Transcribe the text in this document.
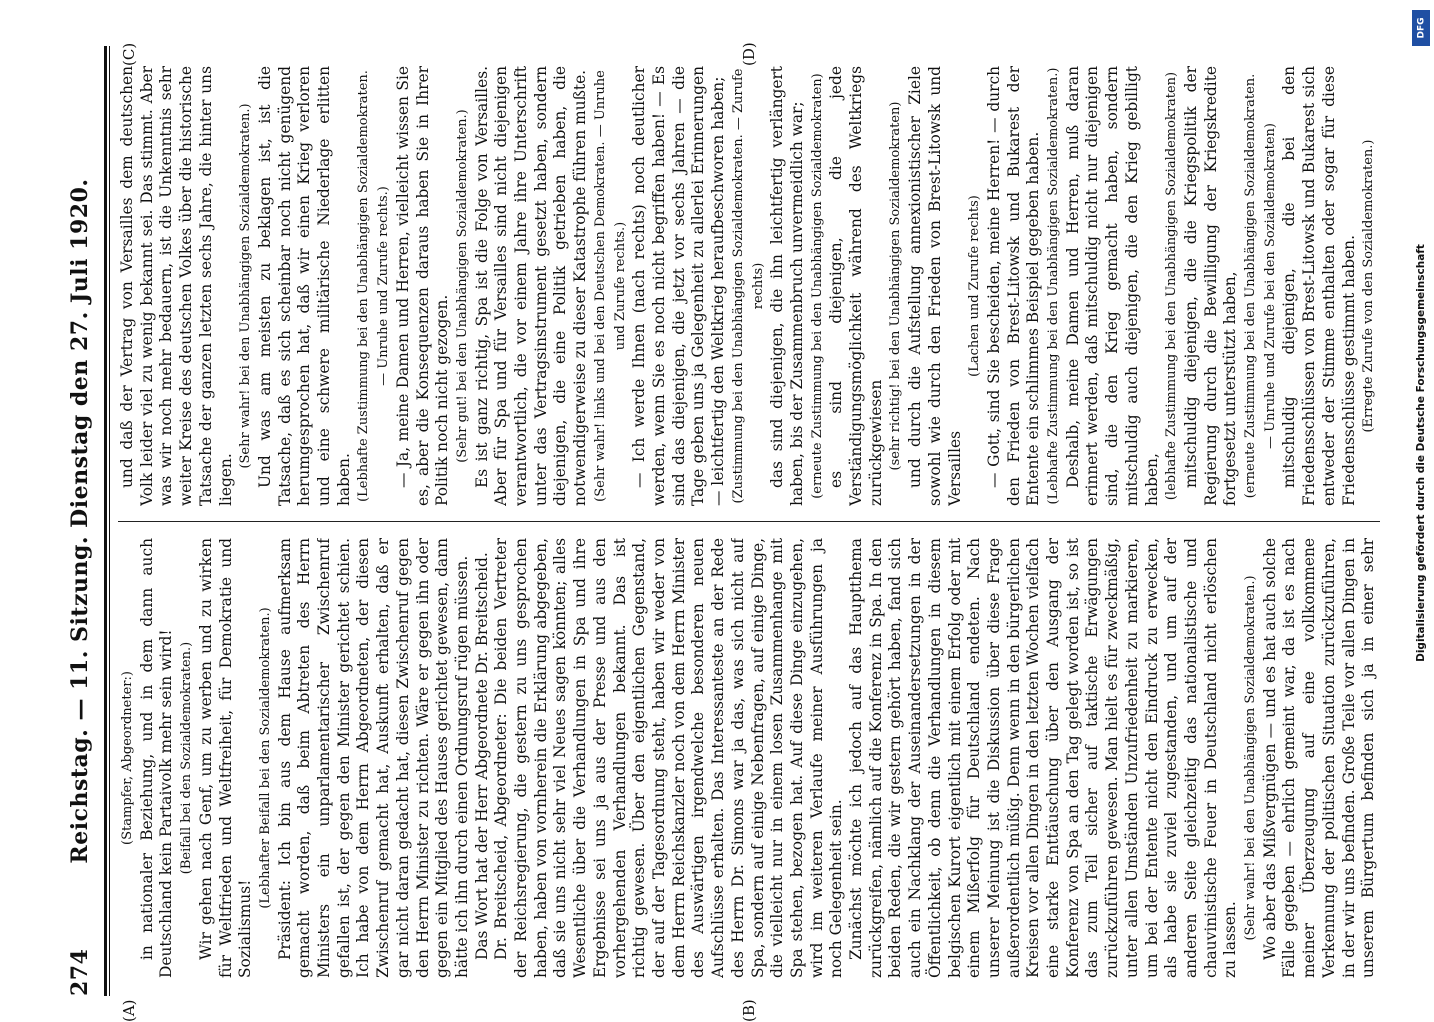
274
Reichstag. — 11. Sitzung. Dienstag den 27. Juli 1920.
(A)	(B)
(C)	(D)

(Stampfer, Abgeordneter:) in nationaler Beziehung, und in dem dann auch Deutschland kein Partaivolk mehr sein wird! (Beifall bei den Sozialdemokraten.) Wir gehen nach Genf, um zu werben und zu wirken für Weltfrieden und Weltfreiheit, für Demokratie und Sozialismus!

(Lebhafter Beifall bei den Sozialdemokraten.) Präsident: Ich bin aus dem Hause aufmerksam gemacht worden, daß beim Abtreten des Herrn Ministers ein unparlamentarischer Zwischenruf gefallen ist, der gegen den Minister gerichtet schien. Ich habe von dem Herrn Abgeordneten, der diesen Zwischenruf gemacht hat, Auskunft erhalten, daß er gar nicht daran gedacht hat, diesen Zwischenruf gegen den Herrn Minister zu richten. Wäre er gegen ihn oder gegen ein Mitglied des Hauses gerichtet gewesen, dann hätte ich ihn durch einen Ordnungsruf rügen müssen. Das Wort hat der Herr Abgeordnete Dr. Breitscheid. Dr. Breitscheid, Abgeordneter: Die beiden Vertreter der Reichsregierung, die gestern zu uns gesprochen haben, haben von vornherein die Erklärung abgegeben, daß sie uns nicht sehr viel Neues sagen könnten; alles Wesentliche über die Verhandlungen in Spa und ihre Ergebnisse sei uns ja aus der Presse und aus den vorhergehenden Verhandlungen bekannt. Das ist richtig gewesen. Über den eigentlichen Gegenstand, der auf der Tagesordnung steht, haben wir weder von dem Herrn Reichskanzler noch von dem Herrn Minister des Auswärtigen irgendwelche besonderen neuen Aufschlüsse erhalten. Das Interessanteste an der Rede des Herrn Dr. Simons war ja das, was sich nicht auf Spa, sondern auf einige Nebenfragen, auf einige Dinge, die vielleicht nur in einem losen Zusammenhange mit Spa stehen, bezogen hat. Auf diese Dinge einzugehen, wird im weiteren Verlaufe meiner Ausführungen ja noch Gelegenheit sein. Zunächst möchte ich jedoch auf das Hauptthema zurückgreifen, nämlich auf die Konferenz in Spa. In den beiden Reden, die wir gestern gehört haben, fand sich auch ein Nachklang der Auseinandersetzungen in der Öffentlichkeit, ob denn die Verhandlungen in diesem belgischen Kurort eigentlich mit einem Erfolg oder mit einem Mißerfolg für Deutschland endeten. Nach unserer Meinung ist die Diskussion über diese Frage außerordentlich müßig. Denn wenn in den bürgerlichen Kreisen vor allen Dingen in den letzten Wochen vielfach eine starke Enttäuschung über den Ausgang der Konferenz von Spa an den Tag gelegt worden ist, so ist das zum Teil sicher auf taktische Erwägungen zurückzuführen gewesen. Man hielt es für zweckmäßig, unter allen Umständen Unzufriedenheit zu markieren, um bei der Entente nicht den Eindruck zu erwecken, als habe sie zuviel zugestanden, und um auf der anderen Seite gleichzeitig das nationalistische und chauvinistische Feuer in Deutschland nicht erlöschen zu lassen. (Sehr wahr! bei den Unabhängigen Sozialdemokraten.)

Wo aber das Mißvergnügen — und es hat auch solche Fälle gegeben — ehrlich gemeint war, da ist es nach meiner Überzeugung auf eine vollkommene Verkennung der politischen Situation zurückzuführen, in der wir uns befinden. Große Teile vor allen Dingen in unserem Bürgertum befinden sich ja in einer sehr

und daß der Vertrag von Versailles dem deutschen Volk leider viel zu wenig bekannt sei. Das stimmt. Aber was wir noch mehr bedauern, ist die Unkenntnis sehr weiter Kreise des deutschen Volkes über die historische Tatsache der ganzen letzten sechs Jahre, die hinter uns liegen.

(Sehr wahr! bei den Unabhängigen Sozialdemokraten.) Und was am meisten zu beklagen ist, ist die Tatsache, daß es sich scheinbar noch nicht genügend herumgesprochen hat, daß wir einen Krieg verloren und eine schwere militärische Niederlage erlitten haben. (Lebhafte Zustimmung bei den Unabhängigen Sozialdemokraten. — Unruhe und Zurufe rechts.) — Ja, meine Damen und Herren, vielleicht wissen Sie es, aber die Konsequenzen daraus haben Sie in Ihrer Politik noch nicht gezogen. (Sehr gut! bei den Unabhängigen Sozialdemokraten.) Es ist ganz richtig, Spa ist die Folge von Versailles. Aber für Spa und für Versailles sind nicht diejenigen verantwortlich, die vor einem Jahre ihre Unterschrift unter das Vertragsinstrument gesetzt haben, sondern diejenigen, die eine Politik getrieben haben, die notwendigerweise zu dieser Katastrophe führen mußte. (Sehr wahr! links und bei den Deutschen Demokraten. — Unruhe und Zurufe rechts.) — Ich werde Ihnen (nach rechts) noch deutlicher werden, wenn Sie es noch nicht begriffen haben! — Es sind das diejenigen, die jetzt vor sechs Jahren — die Tage geben uns ja Gelegenheit zu allerlei Erinnerungen — leichtfertig den Weltkrieg heraufbeschworen haben; (Zustimmung bei den Unabhängigen Sozialdemokraten. — Zurufe rechts) das sind diejenigen, die ihn leichtfertig verlängert haben, bis der Zusammenbruch unvermeidlich war; (erneute Zustimmung bei den Unabhängigen Sozialdemokraten) es sind diejenigen, die jede Verständigungsmöglichkeit während des Weltkriegs zurückgewiesen (sehr richtig! bei den Unabhängigen Sozialdemokraten) und durch die Aufstellung annexionistischer Ziele sowohl wie durch den Frieden von Brest-Litowsk und Versailles

(Lachen und Zurufe rechts) — Gott, sind Sie bescheiden, meine Herren! — durch den Frieden von Brest-Litowsk und Bukarest der Entente ein schlimmes Beispiel gegeben haben. (Lebhafte Zustimmung bei den Unabhängigen Sozialdemokraten.) Deshalb, meine Damen und Herren, muß daran erinnert werden, daß mitschuldig nicht nur diejenigen sind, die den Krieg gemacht haben, sondern mitschuldig auch diejenigen, die den Krieg gebilligt haben, (lebhafte Zustimmung bei den Unabhängigen Sozialdemokraten) mitschuldig diejenigen, die die Kriegspolitik der Regierung durch die Bewilligung der Kriegskredite fortgesetzt unterstützt haben, (erneute Zustimmung bei den Unabhängigen Sozialdemokraten. — Unruhe und Zurufe bei den Sozialdemokraten) mitschuldig diejenigen, die bei den Friedensschlüssen von Brest-Litowsk und Bukarest sich entweder der Stimme enthalten oder sogar für diese Friedensschlüsse gestimmt haben. (Erregte Zurufe von den Sozialdemokraten.)

DFG
Digitalisierung gefördert durch die Deutsche Forschungsgemeinschaft
